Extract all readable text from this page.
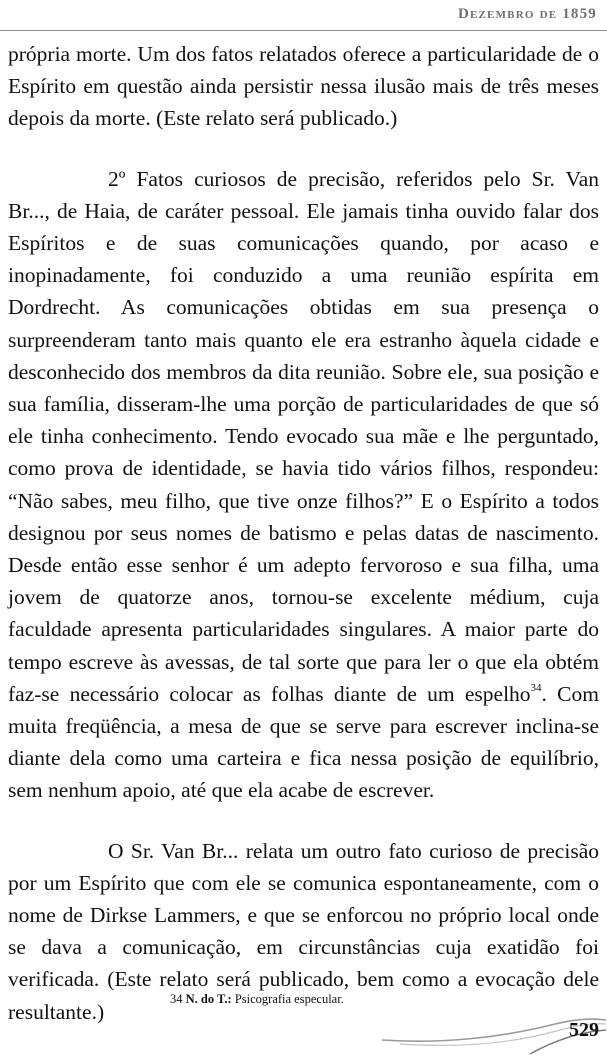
Dezembro de 1859

própria morte. Um dos fatos relatados oferece a particularidade de o Espírito em questão ainda persistir nessa ilusão mais de três meses depois da morte. (Este relato será publicado.)

2º Fatos curiosos de precisão, referidos pelo Sr. Van Br..., de Haia, de caráter pessoal. Ele jamais tinha ouvido falar dos Espíritos e de suas comunicações quando, por acaso e inopinadamente, foi conduzido a uma reunião espírita em Dordrecht. As comunicações obtidas em sua presença o surpreenderam tanto mais quanto ele era estranho àquela cidade e desconhecido dos membros da dita reunião. Sobre ele, sua posição e sua família, disseram-lhe uma porção de particularidades de que só ele tinha conhecimento. Tendo evocado sua mãe e lhe perguntado, como prova de identidade, se havia tido vários filhos, respondeu: “Não sabes, meu filho, que tive onze filhos?” E o Espírito a todos designou por seus nomes de batismo e pelas datas de nascimento. Desde então esse senhor é um adepto fervoroso e sua filha, uma jovem de quatorze anos, tornou-se excelente médium, cuja faculdade apresenta particularidades singulares. A maior parte do tempo escreve às avessas, de tal sorte que para ler o que ela obtém faz-se necessário colocar as folhas diante de um espelho$^{34}$. Com muita freqüência, a mesa de que se serve para escrever inclina-se diante dela como uma carteira e fica nessa posição de equilíbrio, sem nenhum apoio, até que ela acabe de escrever.

O Sr. Van Br... relata um outro fato curioso de precisão por um Espírito que com ele se comunica espontaneamente, com o nome de Dirkse Lammers, e que se enforcou no próprio local onde se dava a comunicação, em circunstâncias cuja exatidão foi verificada. (Este relato será publicado, bem como a evocação dele resultante.)

34 N. do T.: Psicografia especular.
529
